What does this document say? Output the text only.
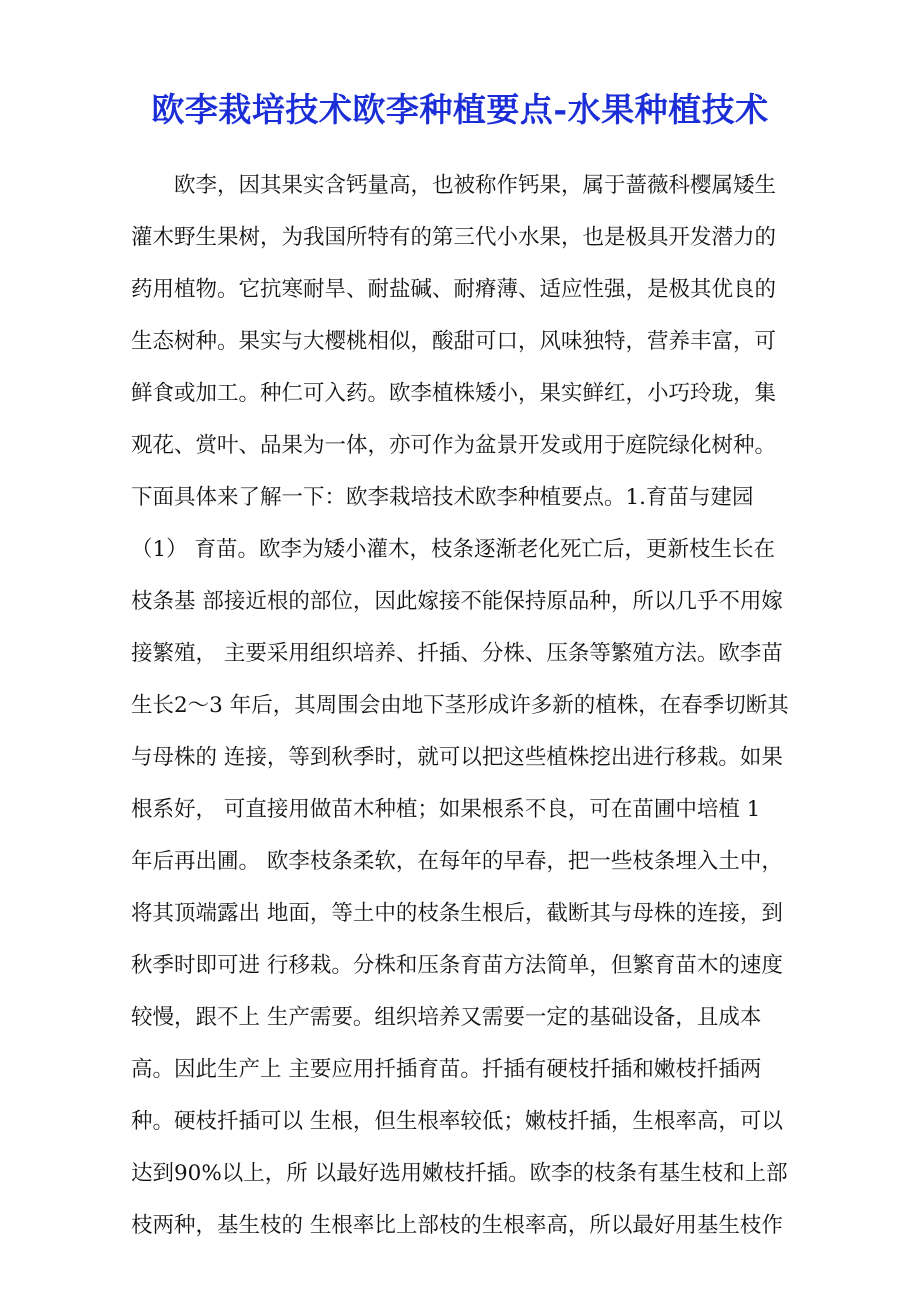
欧李栽培技术欧李种植要点-水果种植技术
欧李，因其果实含钙量高，也被称作钙果，属于蔷薇科樱属矮生
灌木野生果树，为我国所特有的第三代小水果，也是极具开发潜力的
药用植物。它抗寒耐旱、耐盐碱、耐瘠薄、适应性强，是极其优良的
生态树种。果实与大樱桃相似，酸甜可口，风味独特，营养丰富，可
鲜食或加工。种仁可入药。欧李植株矮小，果实鲜红，小巧玲珑，集
观花、赏叶、品果为一体，亦可作为盆景开发或用于庭院绿化树种。
下面具体来了解一下：欧李栽培技术欧李种植要点。1.育苗与建园
（1） 育苗。欧李为矮小灌木，枝条逐渐老化死亡后，更新枝生长在
枝条基 部接近根的部位，因此嫁接不能保持原品种，所以几乎不用嫁
接繁殖， 主要采用组织培养、扦插、分株、压条等繁殖方法。欧李苗
生长2～3 年后，其周围会由地下茎形成许多新的植株，在春季切断其
与母株的 连接，等到秋季时，就可以把这些植株挖出进行移栽。如果
根系好， 可直接用做苗木种植；如果根系不良，可在苗圃中培植 1
年后再出圃。 欧李枝条柔软，在每年的早春，把一些枝条埋入土中，
将其顶端露出 地面，等土中的枝条生根后，截断其与母株的连接，到
秋季时即可进 行移栽。分株和压条育苗方法简单，但繁育苗木的速度
较慢，跟不上 生产需要。组织培养又需要一定的基础设备，且成本
高。因此生产上 主要应用扦插育苗。扦插有硬枝扦插和嫩枝扦插两
种。硬枝扦插可以 生根，但生根率较低；嫩枝扦插，生根率高，可以
达到90%以上，所 以最好选用嫩枝扦插。欧李的枝条有基生枝和上部
枝两种，基生枝的 生根率比上部枝的生根率高，所以最好用基生枝作
